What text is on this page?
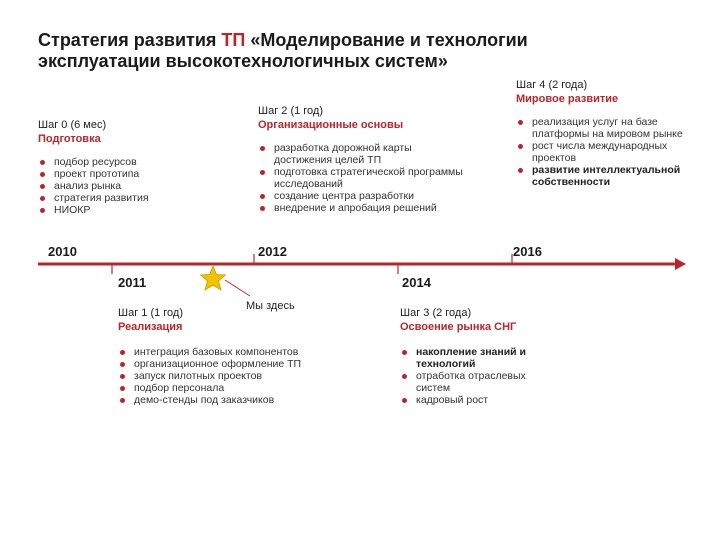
Стратегия развития ТП «Моделирование и технологии
эксплуатации высокотехнологичных систем»
Мы здесь
Шаг 0 (6 мес)
Подготовка
подбор ресурсов
проект прототипа
анализ рынка
стратегия развития
НИОКР
2010
Шаг 2 (1 год)
Организационные основы
разработка дорожной карты достижения целей ТП
подготовка стратегической программы исследований
создание центра разработки
внедрение и апробация решений
2012
Шаг 4 (2 года)
Мировое развитие
реализация услуг на базе платформы на мировом рынке
рост числа международных проектов
развитие интеллектуальной собственности
2016
2011
Шаг 1 (1 год)
Реализация
интеграция базовых компонентов
организационное оформление ТП
запуск пилотных проектов
подбор персонала
демо-стенды под заказчиков
2014
Шаг 3 (2 года)
Освоение рынка СНГ
накопление знаний и технологий
отработка отраслевых систем
кадровый рост
